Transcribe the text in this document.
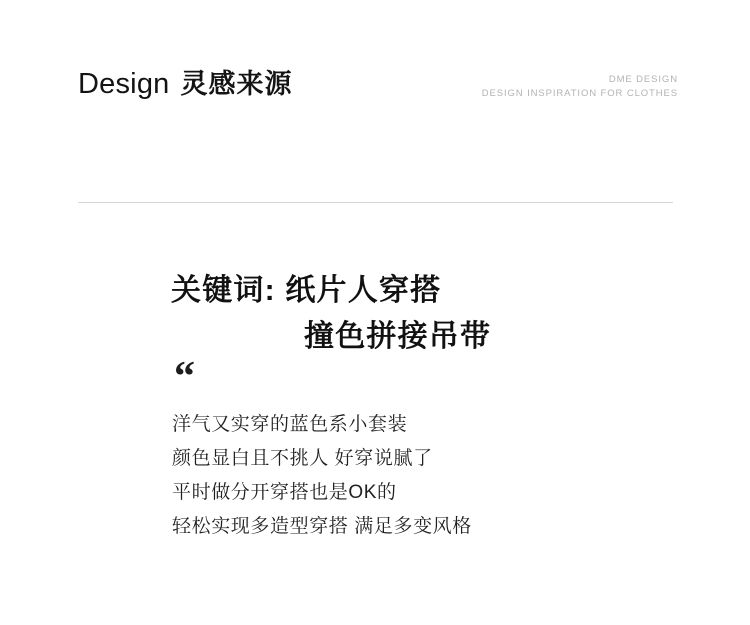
Design 灵感来源	DME DESIGN
DESIGN INSPIRATION FOR CLOTHES
关键词: 纸片人穿搭
撞色拼接吊带
“
洋气又实穿的蓝色系小套装
颜色显白且不挑人 好穿说腻了
平时做分开穿搭也是OK的
轻松实现多造型穿搭 满足多变风格
